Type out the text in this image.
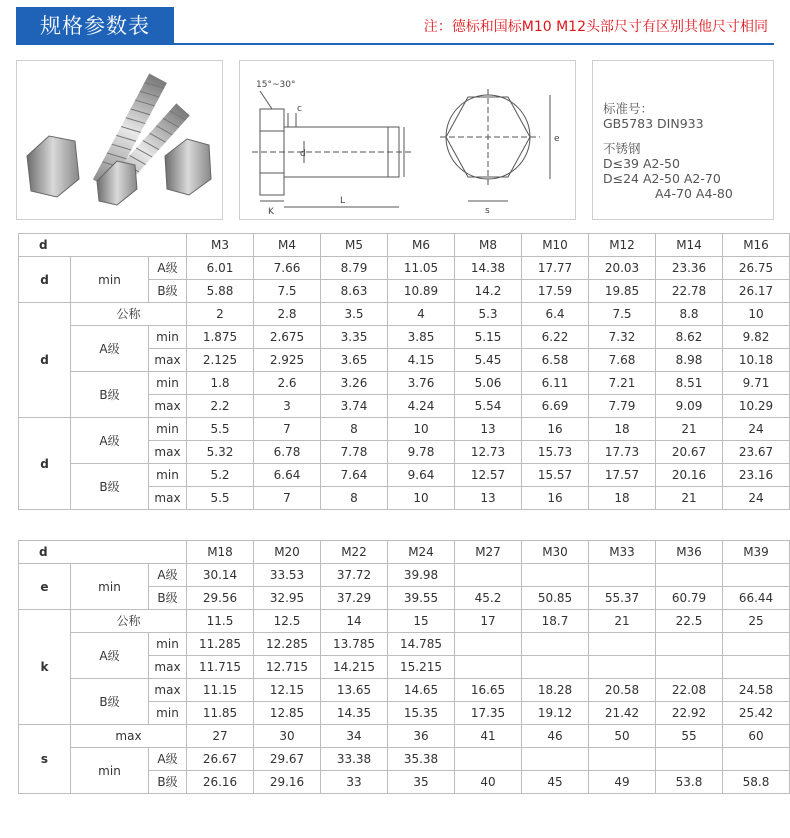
规格参数表	注：德标和国标M10 M12头部尺寸有区别其他尺寸相同
15°~30°
c
K
L
d
e
s
标准号：
GB5783 DIN933
不锈钢
D≤39 A2-50
D≤24 A2-50 A2-70
A4-70 A4-80
d			M3	M4	M5	M6	M8	M10	M12	M14	M16
d	min	A级	6.01	7.66	8.79	11.05	14.38	17.77	20.03	23.36	26.75
		B级	5.88	7.5	8.63	10.89	14.2	17.59	19.85	22.78	26.17
d	公称		2	2.8	3.5	4	5.3	6.4	7.5	8.8	10
	A级	min	1.875	2.675	3.35	3.85	5.15	6.22	7.32	8.62	9.82
		max	2.125	2.925	3.65	4.15	5.45	6.58	7.68	8.98	10.18
	B级	min	1.8	2.6	3.26	3.76	5.06	6.11	7.21	8.51	9.71
		max	2.2	3	3.74	4.24	5.54	6.69	7.79	9.09	10.29
d	A级	min	5.5	7	8	10	13	16	18	21	24
		max	5.32	6.78	7.78	9.78	12.73	15.73	17.73	20.67	23.67
	B级	min	5.2	6.64	7.64	9.64	12.57	15.57	17.57	20.16	23.16
		max	5.5	7	8	10	13	16	18	21	24
d			M18	M20	M22	M24	M27	M30	M33	M36	M39
e	min	A级	30.14	33.53	37.72	39.98					
		B级	29.56	32.95	37.29	39.55	45.2	50.85	55.37	60.79	66.44
k	公称		11.5	12.5	14	15	17	18.7	21	22.5	25
	A级	min	11.285	12.285	13.785	14.785					
		max	11.715	12.715	14.215	15.215					
	B级	max	11.15	12.15	13.65	14.65	16.65	18.28	20.58	22.08	24.58
		min	11.85	12.85	14.35	15.35	17.35	19.12	21.42	22.92	25.42
s	max		27	30	34	36	41	46	50	55	60
	min	A级	26.67	29.67	33.38	35.38					
		B级	26.16	29.16	33	35	40	45	49	53.8	58.8
